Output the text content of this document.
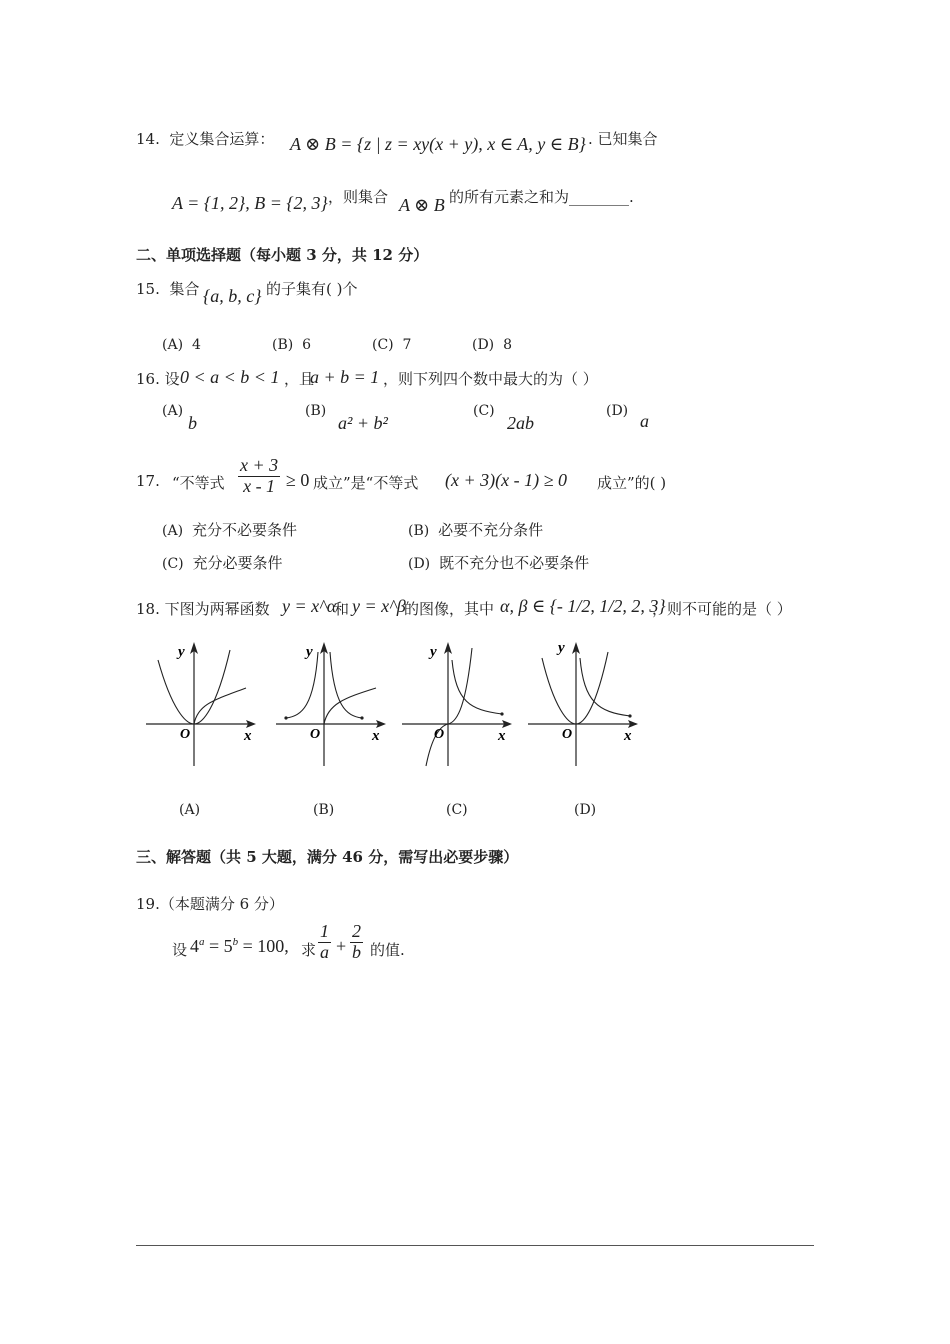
14. 定义集合运算： A ⊗ B = {z | z = xy(x + y), x ∈ A, y ∈ B} . 已知集合
A = {1, 2}, B = {2, 3} ，则集合 A ⊗ B 的所有元素之和为________.
二、单项选择题（每小题 3 分，共 12 分）
15. 集合 {a, b, c} 的子集有( )个
(A) 4	(B) 6	(C) 7	(D) 8
16. 设 0 < a < b < 1 ，且
a + b = 1 ，则下列四个数中最大的为（ ）
(A)
b
(B)
a² + b²
(C)
2ab
(D) a
17. “不等式 $\frac{x + 3}{x - 1} \ge 0$ 成立”是“不等式 (x + 3)(x - 1) ≥ 0 成立”的( )
(A) 充分不必要条件	(B) 必要不充分条件
(C) 充分必要条件	(D) 既不充分也不必要条件
18. 下图为两幂函数 y = x^α
和 y = x^β
的图像，其中 α, β ∈ {- 1/2, 1/2, 2, 3}
，则不可能的是（ ）
y
x
O
y
x
O
y
x
O
y
x
O
(A)	(B)	(C)	(D)
三、解答题（共 5 大题，满分 46 分，需写出必要步骤）
19.（本题满分 6 分）
设 $4^a = 5^b = 100$, 求 $\frac{1}{a} + \frac{2}{b}$ 的值.
